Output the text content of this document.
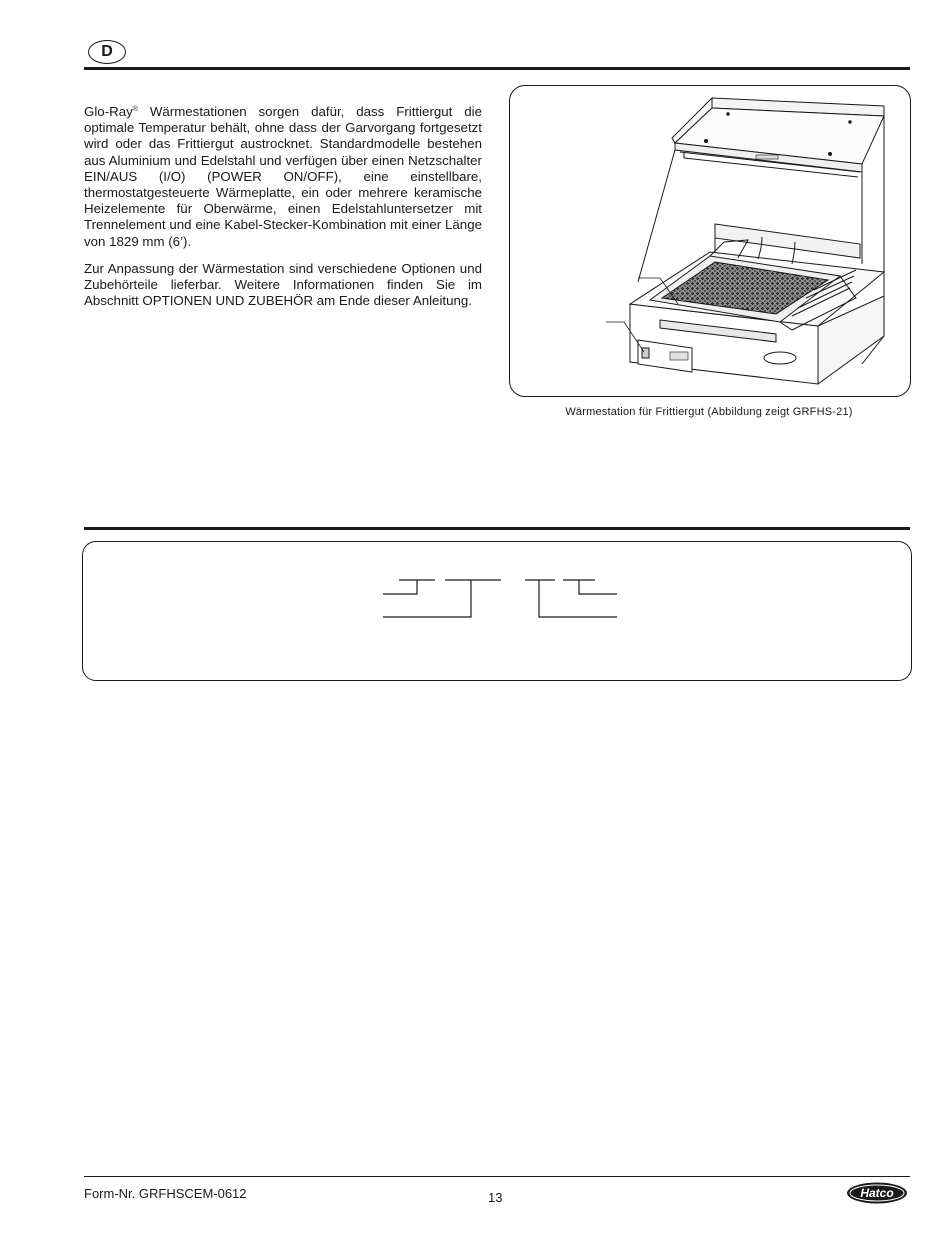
D

Glo-Ray® Wärmestationen sorgen dafür, dass Frittiergut die optimale Temperatur behält, ohne dass der Garvorgang fortgesetzt wird oder das Frittiergut austrocknet. Standardmodelle bestehen aus Aluminium und Edelstahl und verfügen über einen Netzschalter EIN/AUS (I/O) (POWER ON/OFF), eine einstellbare, thermostatgesteuerte Wärmeplatte, ein oder mehrere keramische Heizelemente für Oberwärme, einen Edelstahluntersetzer mit Trennelement und eine Kabel-Stecker-Kombination mit einer Länge von 1829 mm (6’).

Zur Anpassung der Wärmestation sind verschiedene Optionen und Zubehörteile lieferbar. Weitere Informationen finden Sie im Abschnitt OPTIONEN UND ZUBEHÖR am Ende dieser Anleitung.

Wärmestation für Frittiergut (Abbildung zeigt GRFHS-21)
Form-Nr. GRFHSCEM-0612	13	Hatco
